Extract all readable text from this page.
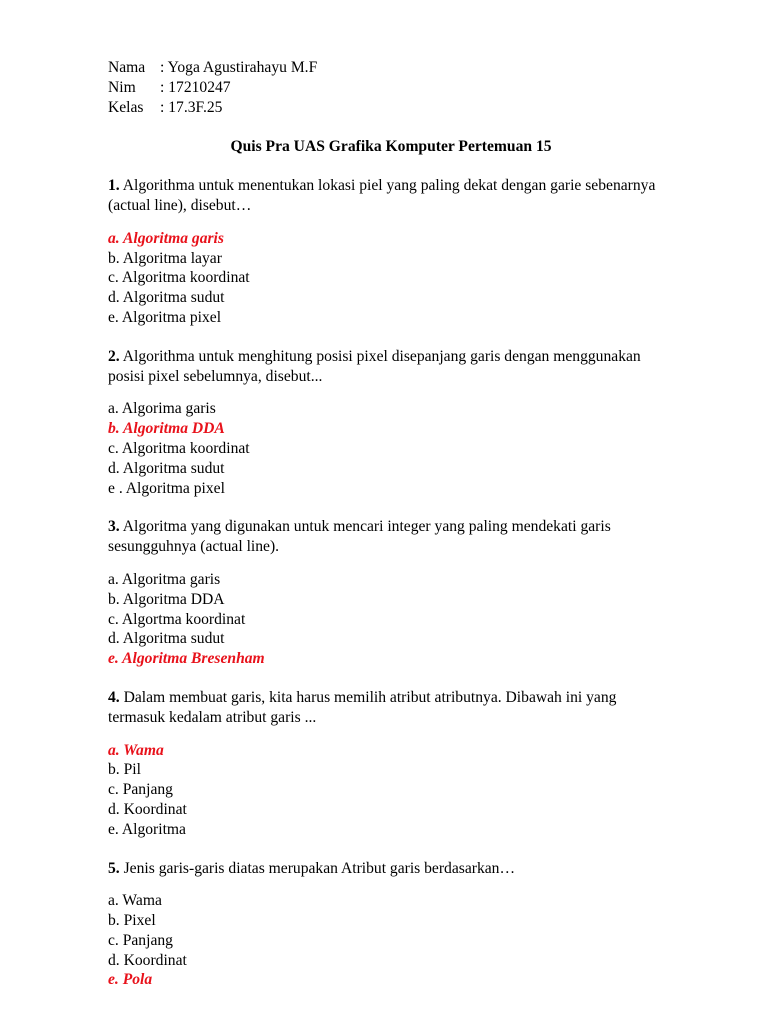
Nama : Yoga Agustirahayu M.F
Nim	: 17210247
Kelas	: 17.3F.25
Quis Pra UAS Grafika Komputer Pertemuan 15
1. Algorithma untuk menentukan lokasi piel yang paling dekat dengan garie sebenarnya (actual line), disebut…
a. Algoritma garis
b. Algoritma layar
c. Algoritma koordinat
d. Algoritma sudut
e. Algoritma pixel
2. Algorithma untuk menghitung posisi pixel disepanjang garis dengan menggunakan posisi pixel sebelumnya, disebut...
a. Algorima garis
b. Algoritma DDA
c. Algoritma koordinat
d. Algoritma sudut
e . Algoritma pixel
3. Algoritma yang digunakan untuk mencari integer yang paling mendekati garis sesungguhnya (actual line).
a. Algoritma garis
b. Algoritma DDA
c. Algortma koordinat
d. Algoritma sudut
e. Algoritma Bresenham
4. Dalam membuat garis, kita harus memilih atribut atributnya. Dibawah ini yang termasuk kedalam atribut garis ...
a. Wama
b. Pil
c. Panjang
d. Koordinat
e. Algoritma
5. Jenis garis-garis diatas merupakan Atribut garis berdasarkan…
a. Wama
b. Pixel
c. Panjang
d. Koordinat
e. Pola
